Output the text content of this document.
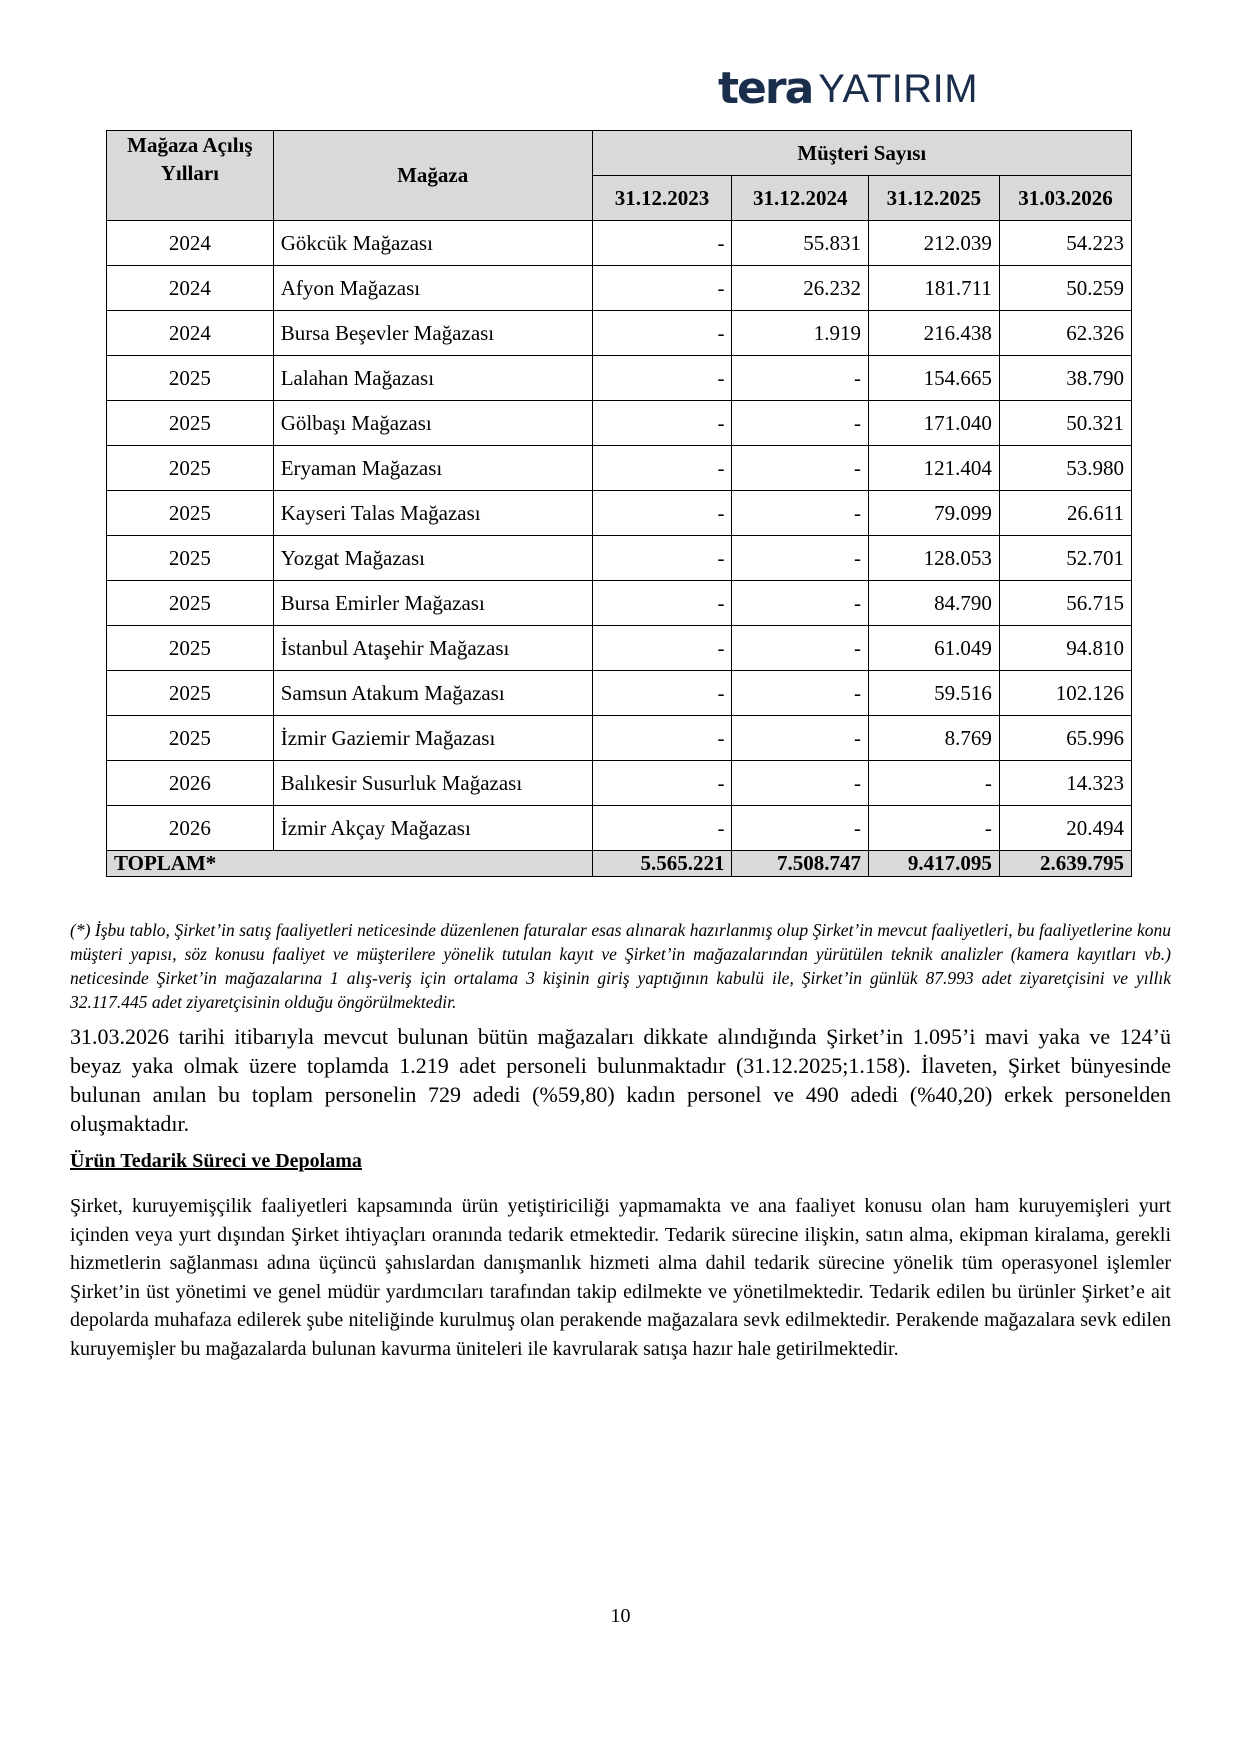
tera YATIRIM
Mağaza Açılış Yılları	Mağaza	Müşteri Sayısı			
		31.12.2023	31.12.2024	31.12.2025	31.03.2026
2024	Gökcük Mağazası	-	55.831	212.039	54.223
2024	Afyon Mağazası	-	26.232	181.711	50.259
2024	Bursa Beşevler Mağazası	-	1.919	216.438	62.326
2025	Lalahan Mağazası	-	-	154.665	38.790
2025	Gölbaşı Mağazası	-	-	171.040	50.321
2025	Eryaman Mağazası	-	-	121.404	53.980
2025	Kayseri Talas Mağazası	-	-	79.099	26.611
2025	Yozgat Mağazası	-	-	128.053	52.701
2025	Bursa Emirler Mağazası	-	-	84.790	56.715
2025	İstanbul Ataşehir Mağazası	-	-	61.049	94.810
2025	Samsun Atakum Mağazası	-	-	59.516	102.126
2025	İzmir Gaziemir Mağazası	-	-	8.769	65.996
2026	Balıkesir Susurluk Mağazası	-	-	-	14.323
2026	İzmir Akçay Mağazası	-	-	-	20.494
TOPLAM*		5.565.221	7.508.747	9.417.095	2.639.795
(*) İşbu tablo, Şirket’in satış faaliyetleri neticesinde düzenlenen faturalar esas alınarak hazırlanmış olup Şirket’in mevcut faaliyetleri, bu faaliyetlerine konu müşteri yapısı, söz konusu faaliyet ve müşterilere yönelik tutulan kayıt ve Şirket’in mağazalarından yürütülen teknik analizler (kamera kayıtları vb.) neticesinde Şirket’in mağazalarına 1 alış-veriş için ortalama 3 kişinin giriş yaptığının kabulü ile, Şirket’in günlük 87.993 adet ziyaretçisini ve yıllık 32.117.445 adet ziyaretçisinin olduğu öngörülmektedir.
31.03.2026 tarihi itibarıyla mevcut bulunan bütün mağazaları dikkate alındığında Şirket’in 1.095’i mavi yaka ve 124’ü beyaz yaka olmak üzere toplamda 1.219 adet personeli bulunmaktadır (31.12.2025;1.158). İlaveten, Şirket bünyesinde bulunan anılan bu toplam personelin 729 adedi (%59,80) kadın personel ve 490 adedi (%40,20) erkek personelden oluşmaktadır.
Ürün Tedarik Süreci ve Depolama
Şirket, kuruyemişçilik faaliyetleri kapsamında ürün yetiştiriciliği yapmamakta ve ana faaliyet konusu olan ham kuruyemişleri yurt içinden veya yurt dışından Şirket ihtiyaçları oranında tedarik etmektedir. Tedarik sürecine ilişkin, satın alma, ekipman kiralama, gerekli hizmetlerin sağlanması adına üçüncü şahıslardan danışmanlık hizmeti alma dahil tedarik sürecine yönelik tüm operasyonel işlemler Şirket’in üst yönetimi ve genel müdür yardımcıları tarafından takip edilmekte ve yönetilmektedir. Tedarik edilen bu ürünler Şirket’e ait depolarda muhafaza edilerek şube niteliğinde kurulmuş olan perakende mağazalara sevk edilmektedir. Perakende mağazalara sevk edilen kuruyemişler bu mağazalarda bulunan kavurma üniteleri ile kavrularak satışa hazır hale getirilmektedir.
10
